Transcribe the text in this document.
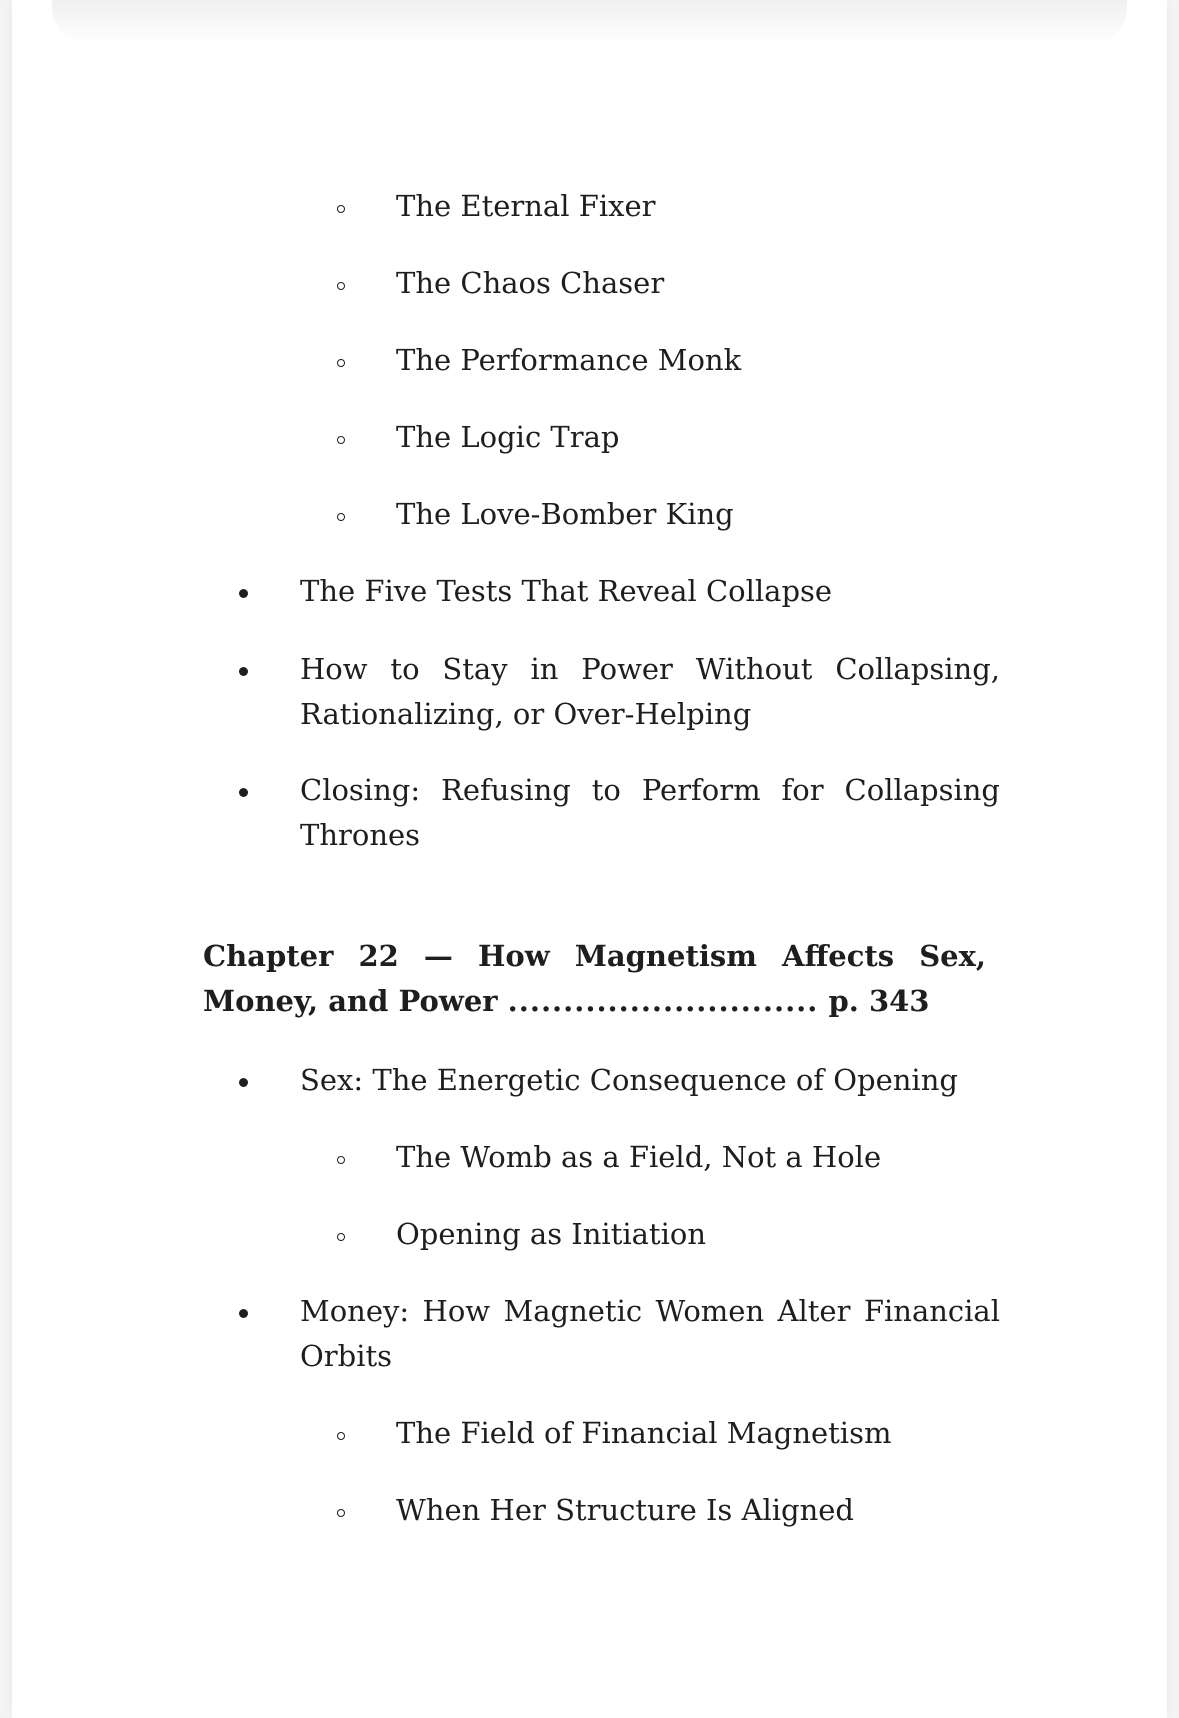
The Eternal Fixer
The Chaos Chaser
The Performance Monk
The Logic Trap
The Love-Bomber King
The Five Tests That Reveal Collapse
How to Stay in Power Without Collapsing, Rationalizing, or Over-Helping
Closing: Refusing to Perform for Collapsing Thrones
Chapter 22 — How Magnetism Affects Sex,
Money, and Power ............................ p. 343
Sex: The Energetic Consequence of Opening
The Womb as a Field, Not a Hole
Opening as Initiation
Money: How Magnetic Women Alter Financial Orbits
The Field of Financial Magnetism
When Her Structure Is Aligned
